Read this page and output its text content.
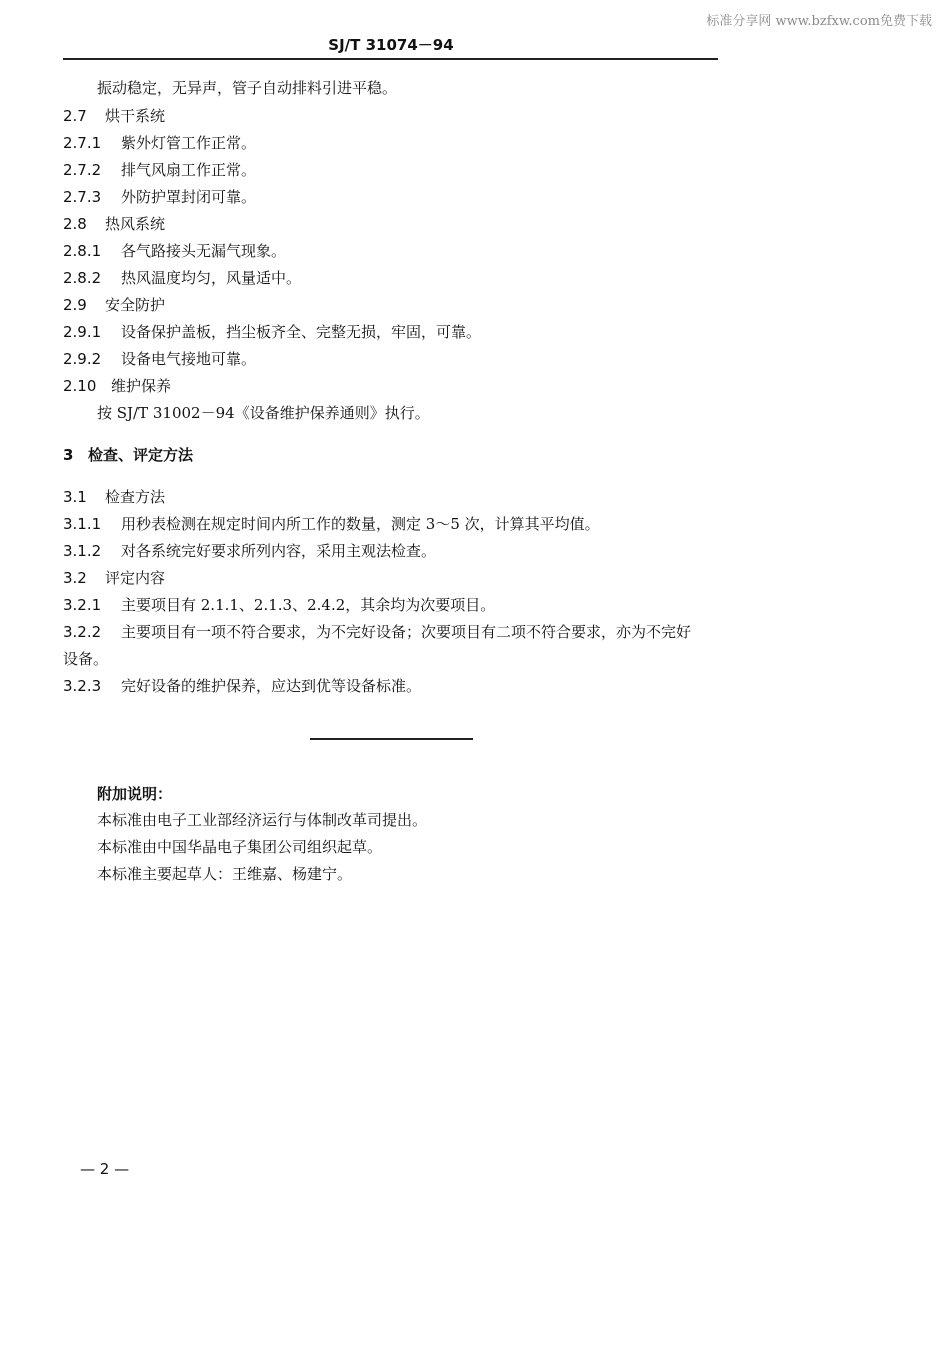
标准分享网 www.bzfxw.com免费下载
SJ/T 31074－94
振动稳定，无异声，管子自动排料引进平稳。
2.7 烘干系统
2.7.1 紫外灯管工作正常。
2.7.2 排气风扇工作正常。
2.7.3 外防护罩封闭可靠。
2.8 热风系统
2.8.1 各气路接头无漏气现象。
2.8.2 热风温度均匀，风量适中。
2.9 安全防护
2.9.1 设备保护盖板，挡尘板齐全、完整无损，牢固，可靠。
2.9.2 设备电气接地可靠。
2.10 维护保养
按 SJ/T 31002－94《设备维护保养通则》执行。
3 检查、评定方法
3.1 检查方法
3.1.1 用秒表检测在规定时间内所工作的数量，测定 3～5 次，计算其平均值。
3.1.2 对各系统完好要求所列内容，采用主观法检查。
3.2 评定内容
3.2.1 主要项目有 2.1.1、2.1.3、2.4.2，其余均为次要项目。
3.2.2 主要项目有一项不符合要求，为不完好设备；次要项目有二项不符合要求，亦为不完好
设备。
3.2.3 完好设备的维护保养，应达到优等设备标准。
附加说明：
本标准由电子工业部经济运行与体制改革司提出。
本标准由中国华晶电子集团公司组织起草。
本标准主要起草人：王维嘉、杨建宁。
— 2 —
